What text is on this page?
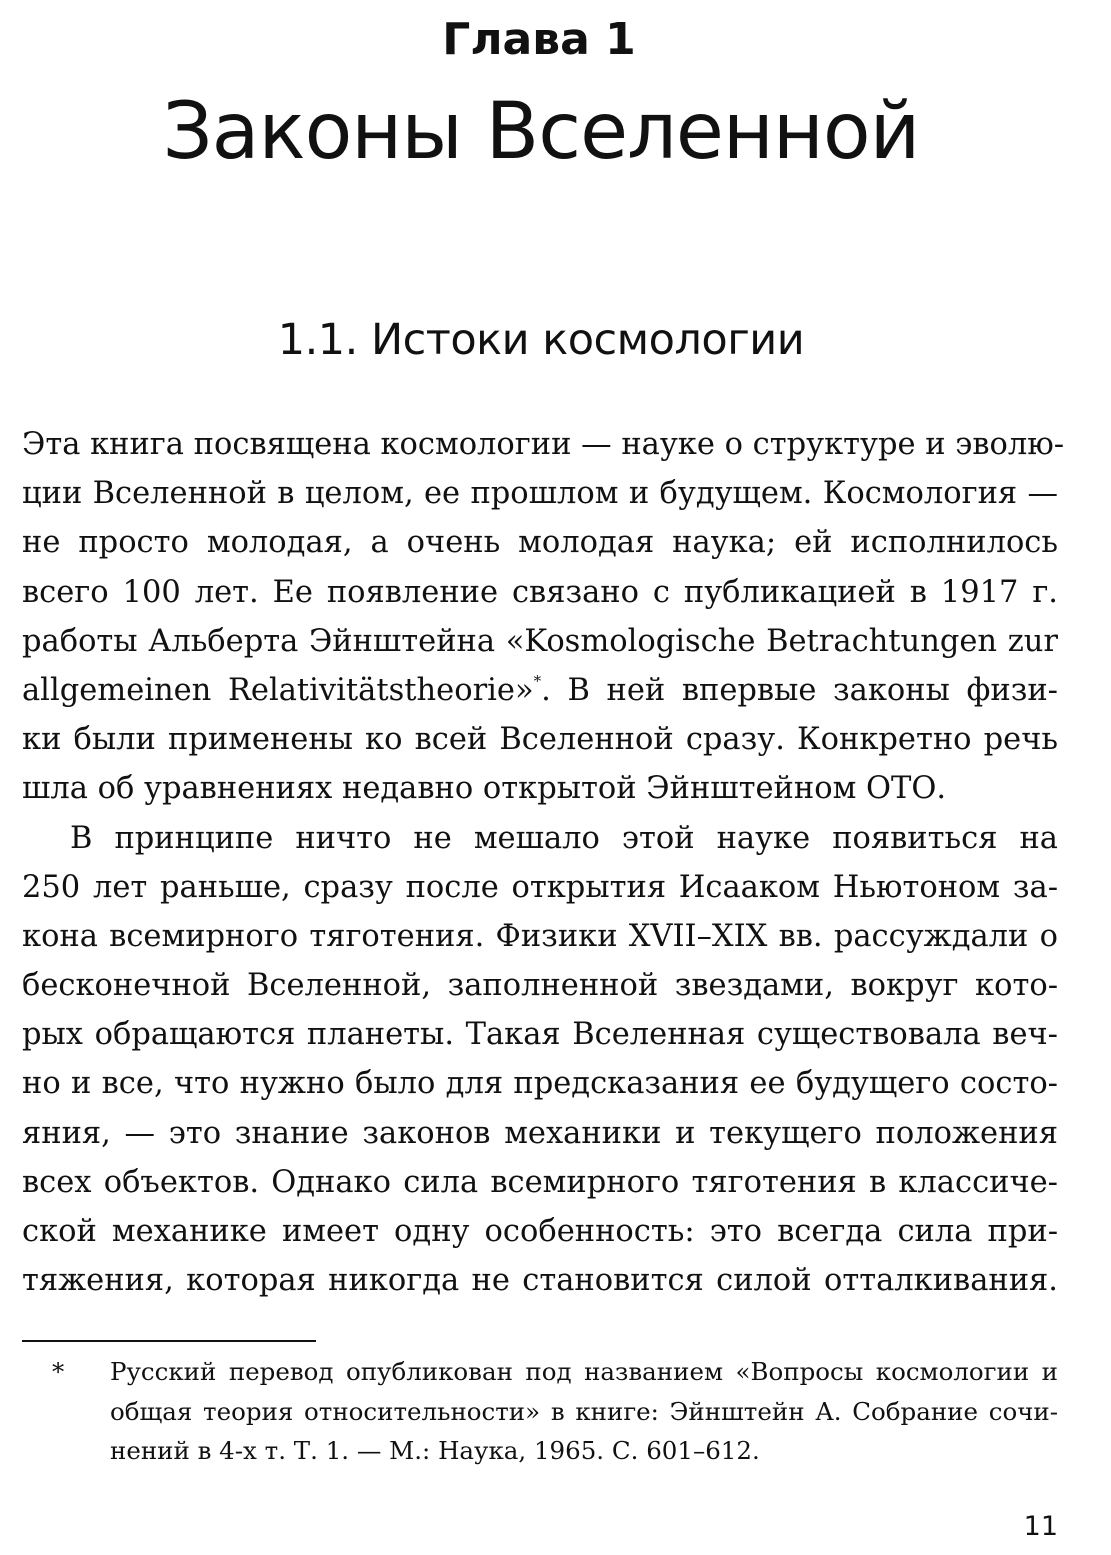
Глава 1
Законы Вселенной
1.1. Истоки космологии
Эта книга посвящена космологии — науке о структуре и эволю-
ции Вселенной в целом, ее прошлом и будущем. Космология —
не просто молодая, а очень молодая наука; ей исполнилось
всего 100 лет. Ее появление связано с публикацией в 1917 г.
работы Альберта Эйнштейна «Kosmologische Betrachtungen zur
allgemeinen Relativitätstheorie»*. В ней впервые законы физи-
ки были применены ко всей Вселенной сразу. Конкретно речь
шла об уравнениях недавно открытой Эйнштейном ОТО.
В принципе ничто не мешало этой науке появиться на
250 лет раньше, сразу после открытия Исааком Ньютоном за-
кона всемирного тяготения. Физики XVII–XIX вв. рассуждали о
бесконечной Вселенной, заполненной звездами, вокруг кото-
рых обращаются планеты. Такая Вселенная существовала веч-
но и все, что нужно было для предсказания ее будущего состо-
яния, — это знание законов механики и текущего положения
всех объектов. Однако сила всемирного тяготения в классиче-
ской механике имеет одну особенность: это всегда сила при-
тяжения, которая никогда не становится силой отталкивания.
* Русский перевод опубликован под названием «Вопросы космологии и
общая теория относительности» в книге: Эйнштейн А. Собрание сочи-
нений в 4-х т. Т. 1. — М.: Наука, 1965. С. 601–612.
11
